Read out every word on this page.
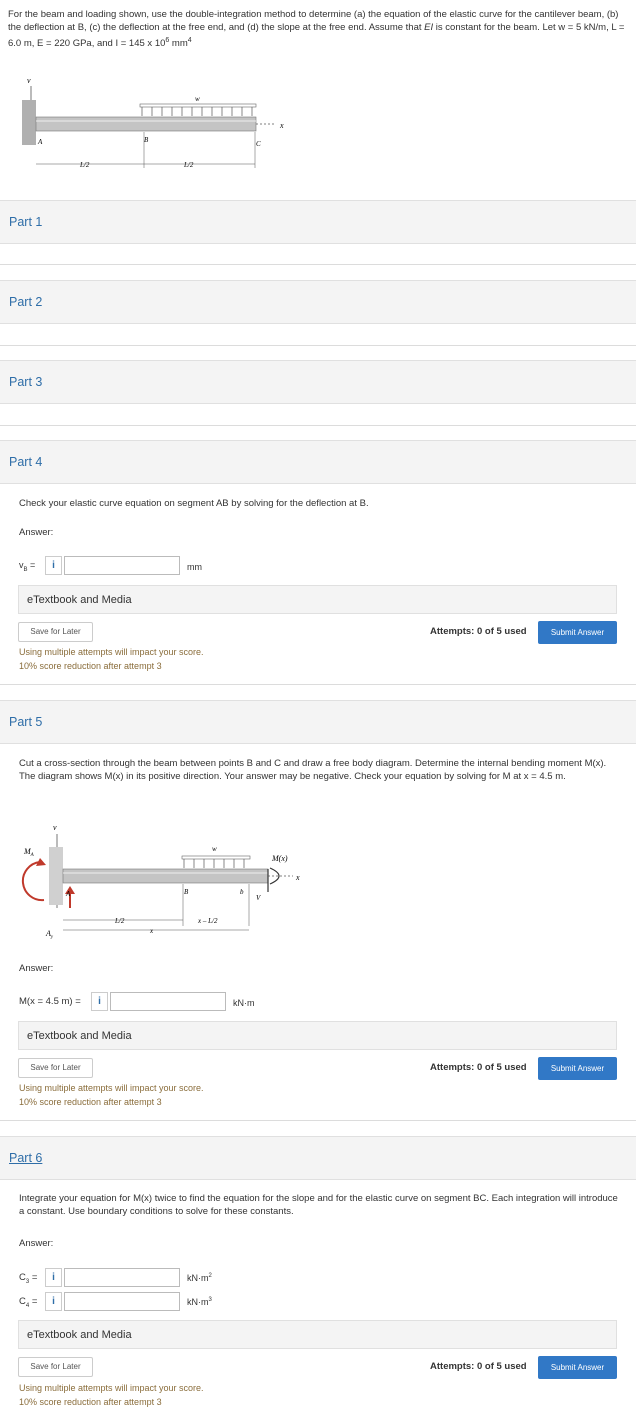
For the beam and loading shown, use the double-integration method to determine (a) the equation of the elastic curve for the cantilever beam, (b) the deflection at B, (c) the deflection at the free end, and (d) the slope at the free end. Assume that EI is constant for the beam. Let w = 5 kN/m, L = 6.0 m, E = 220 GPa, and I = 145 x $10^6$ $mm^4$
v
w
x
A	B	C
L/2	L/2
Part 1
Part 2
Part 3
Part 4
Check your elastic curve equation on segment AB by solving for the deflection at B.
Answer:
$v_B$ =	i	mm
eTextbook and Media
Save for Later	Attempts: 0 of 5 used	Submit Answer
Using multiple attempts will impact your score.
10% score reduction after attempt 3
Part 5
Cut a cross-section through the beam between points B and C and draw a free body diagram. Determine the internal bending moment M(x). The diagram shows M(x) in its positive direction. Your answer may be negative. Check your equation by solving for M at x = 4.5 m.
v
$M_A$
w
M(x)
x
A	B	b
V
$A_y$
L/2
x
x – L/2
Answer:
M(x = 4.5 m) =	i	kN·m
eTextbook and Media
Save for Later	Attempts: 0 of 5 used	Submit Answer
Using multiple attempts will impact your score.
10% score reduction after attempt 3
Part 6
Integrate your equation for M(x) twice to find the equation for the slope and for the elastic curve on segment BC. Each integration will introduce a constant. Use boundary conditions to solve for these constants.
Answer:
$C_3$ =	i	$kN\cdot m^2$
$C_4$ =	i	$kN\cdot m^3$
eTextbook and Media
Save for Later	Attempts: 0 of 5 used	Submit Answer
Using multiple attempts will impact your score.
10% score reduction after attempt 3
